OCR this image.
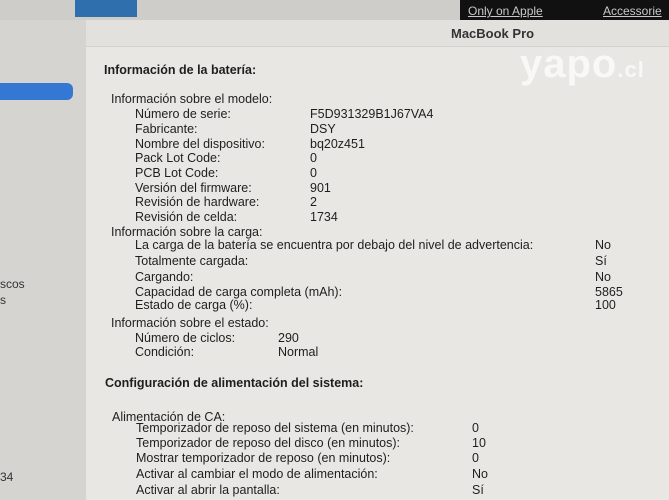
Only on Apple	Accessorie
scos
s
34
MacBook Pro
yapo.cl
Información de la batería:
Información sobre el modelo:
Número de serie:	F5D931329B1J67VA4
Fabricante:	DSY
Nombre del dispositivo:	bq20z451
Pack Lot Code:	0
PCB Lot Code:	0
Versión del firmware:	901
Revisión de hardware:	2
Revisión de celda:	1734
Información sobre la carga:
La carga de la batería se encuentra por debajo del nivel de advertencia:	No
Totalmente cargada:	Sí
Cargando:	No
Capacidad de carga completa (mAh):	5865
Estado de carga (%):	100
Información sobre el estado:
Número de ciclos:	290
Condición:	Normal
Configuración de alimentación del sistema:
Alimentación de CA:
Temporizador de reposo del sistema (en minutos):	0
Temporizador de reposo del disco (en minutos):	10
Mostrar temporizador de reposo (en minutos):	0
Activar al cambiar el modo de alimentación:	No
Activar al abrir la pantalla:	Sí
